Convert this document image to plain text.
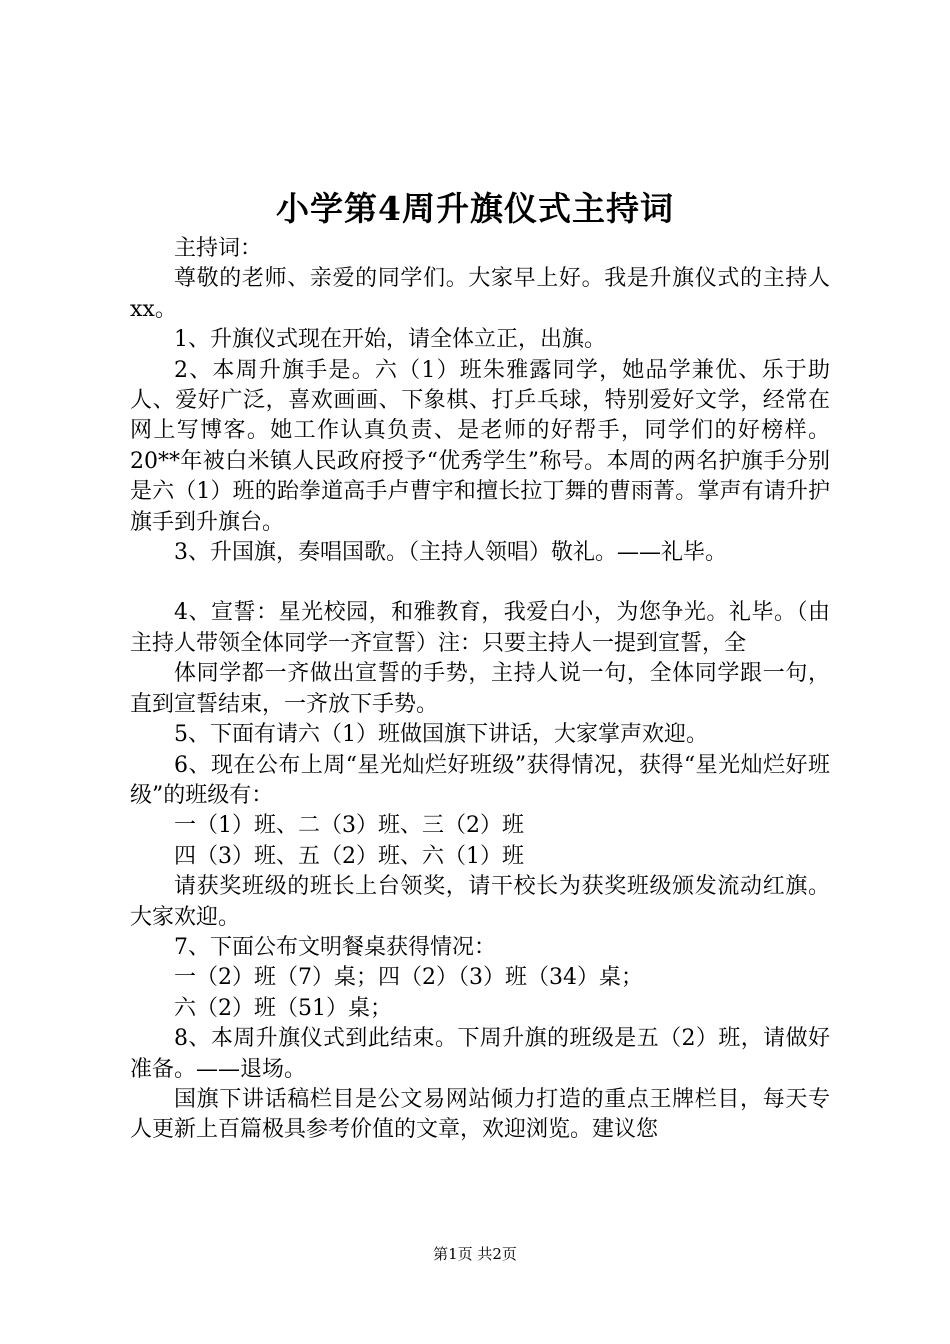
小学第4周升旗仪式主持词

主持词：

尊敬的老师、亲爱的同学们。大家早上好。我是升旗仪式的主持人xx。

1、升旗仪式现在开始，请全体立正，出旗。

2、本周升旗手是。六（1）班朱雅露同学，她品学兼优、乐于助人、爱好广泛，喜欢画画、下象棋、打乒乓球，特别爱好文学，经常在网上写博客。她工作认真负责、是老师的好帮手，同学们的好榜样。20**年被白米镇人民政府授予“优秀学生”称号。本周的两名护旗手分别是六（1）班的跆拳道高手卢曹宇和擅长拉丁舞的曹雨菁。掌声有请升护旗手到升旗台。

3、升国旗，奏唱国歌。（主持人领唱）敬礼。——礼毕。

4、宣誓：星光校园，和雅教育，我爱白小，为您争光。礼毕。（由主持人带领全体同学一齐宣誓）注：只要主持人一提到宣誓，全

体同学都一齐做出宣誓的手势，主持人说一句，全体同学跟一句，直到宣誓结束，一齐放下手势。

5、下面有请六（1）班做国旗下讲话，大家掌声欢迎。

6、现在公布上周“星光灿烂好班级”获得情况，获得“星光灿烂好班级”的班级有：

一（1）班、二（3）班、三（2）班

四（3）班、五（2）班、六（1）班

请获奖班级的班长上台领奖，请干校长为获奖班级颁发流动红旗。大家欢迎。

7、下面公布文明餐桌获得情况：

一（2）班（7）桌；四（2）（3）班（34）桌；

六（2）班（51）桌；

8、本周升旗仪式到此结束。下周升旗的班级是五（2）班，请做好准备。——退场。

国旗下讲话稿栏目是公文易网站倾力打造的重点王牌栏目，每天专人更新上百篇极具参考价值的文章，欢迎浏览。建议您

第1页 共2页
